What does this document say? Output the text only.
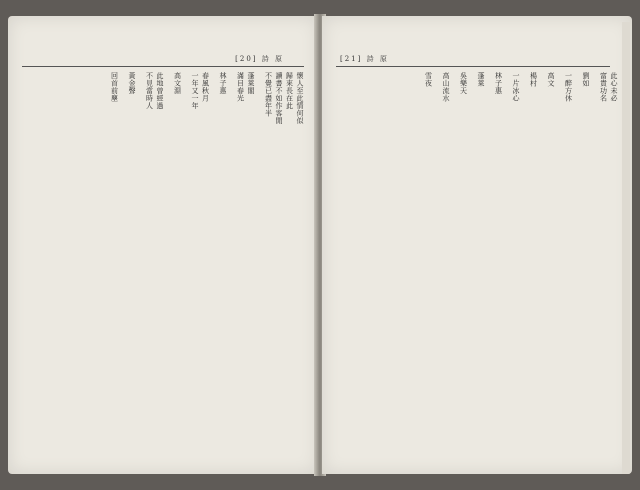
[20] 詩 原
懷人至此情何似
歸來長在此
讀書不如作客閒
不覺已盡年半
蓬萊閣
滿目春光
林子惠
春風秋月
一年又一年
高文淵
此地曾經過
不見當時人
黃金聲
回首前塵
[21] 詩 原
此心未必
富貴功名
劉如
一醉方休
高文
楊村
一片冰心
林子惠
蓬萊
吳樂天
高山流水
雪夜
